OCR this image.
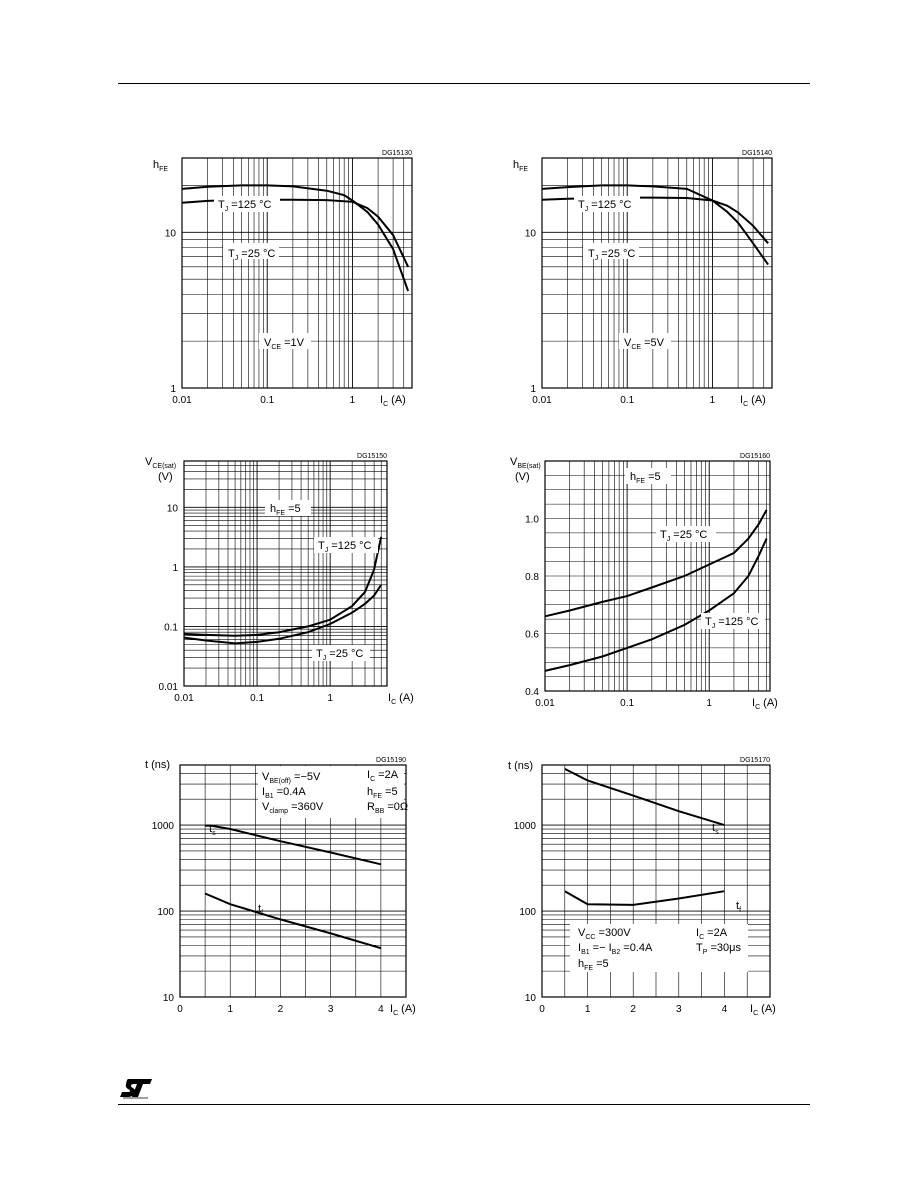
$T_J =125$ °C
$T_J =25$ °C
$V_{CE} =1V$
0.01	0.1	1
1
10
$I_C$ (A)
$h_{FE}$
DG15130
$T_J =125$ °C
$T_J =25$ °C
$V_{CE} =5V$
0.01	0.1	1
1
10
$I_C$ (A)
$h_{FE}$
DG15140
$h_{FE} =5$
$T_J =125$ °C
$T_J =25$ °C
0.01	0.1	1
0.01
0.1
1
10
$I_C$ (A)
$V_{CE(sat)}$
(V)
DG15150
$h_{FE} =5$
$T_J =25$ °C
$T_J =125$ °C
0.01	0.1	1
0.4
0.6
0.8
1.0
$I_C$ (A)
$V_{BE(sat)}$
(V)
DG15160
$V_{BE(off)} =-5V$	$I_C =2A$
$I_{B1} =0.4A$	$h_{FE} =5$
$V_{clamp} =360V$	$R_{BB} =0\Omega$
$t_s$
$t_f$
0	1	2	3	4
10
100
1000
$I_C$ (A)
t (ns)	DG15190
$t_s$
$t_f$
$V_{CC} =300V$	$I_C =2A$
$I_{B1} =- I_{B2} =0.4A$	$T_P =30\mu s$
$h_{FE} =5$
0	1	2	3	4
10
100
1000
$I_C$ (A)
t (ns)	DG15170
